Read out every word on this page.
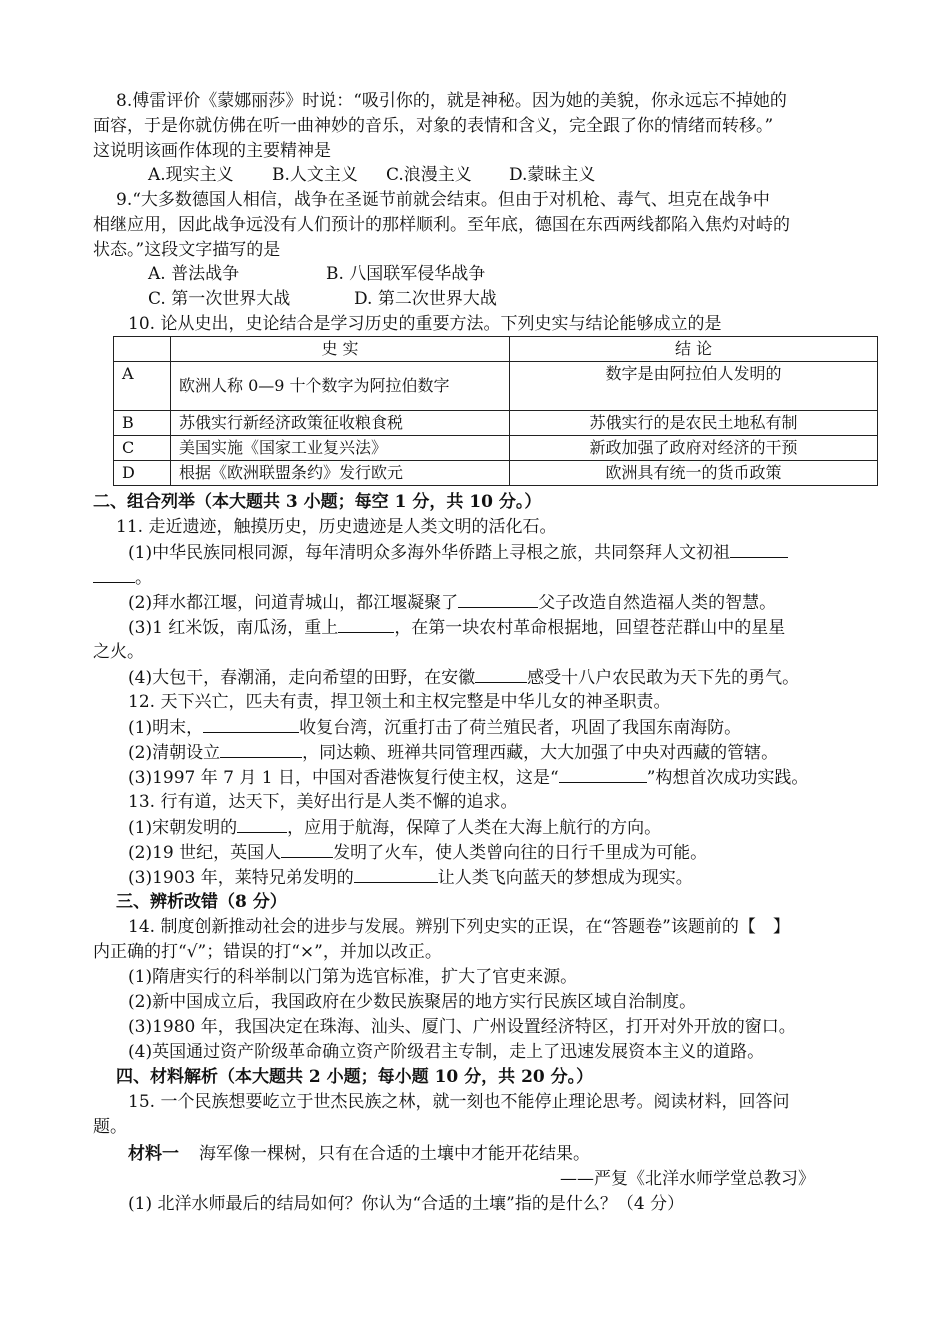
8.傅雷评价《蒙娜丽莎》时说：“吸引你的，就是神秘。因为她的美貌，你永远忘不掉她的
面容，于是你就仿佛在听一曲神妙的音乐，对象的表情和含义，完全跟了你的情绪而转移。”
这说明该画作体现的主要精神是
A.现实主义 B.人文主义 C.浪漫主义 D.蒙昧主义
9.“大多数德国人相信，战争在圣诞节前就会结束。但由于对机枪、毒气、坦克在战争中
相继应用，因此战争远没有人们预计的那样顺利。至年底，德国在东西两线都陷入焦灼对峙的
状态。”这段文字描写的是
A. 普法战争	B. 八国联军侵华战争
C. 第一次世界大战	D. 第二次世界大战
10. 论从史出，史论结合是学习历史的重要方法。下列史实与结论能够成立的是
	史 实	结 论
A	欧洲人称 0—9 十个数字为阿拉伯数字	数字是由阿拉伯人发明的
B	苏俄实行新经济政策征收粮食税	苏俄实行的是农民土地私有制
C	美国实施《国家工业复兴法》	新政加强了政府对经济的干预
D	根据《欧洲联盟条约》发行欧元	欧洲具有统一的货币政策
二、组合列举（本大题共 3 小题；每空 1 分，共 10 分。）
11. 走近遗迹，触摸历史，历史遗迹是人类文明的活化石。
(1)中华民族同根同源，每年清明众多海外华侨踏上寻根之旅，共同祭拜人文初祖
。
(2)拜水都江堰，问道青城山，都江堰凝聚了	父子改造自然造福人类的智慧。
(3)1 红米饭，南瓜汤，重上	，在第一块农村革命根据地，回望苍茫群山中的星星
之火。
(4)大包干，春潮涌，走向希望的田野，在安徽	感受十八户农民敢为天下先的勇气。
12. 天下兴亡，匹夫有责，捍卫领土和主权完整是中华儿女的神圣职责。
(1)明末，	收复台湾，沉重打击了荷兰殖民者，巩固了我国东南海防。
(2)清朝设立	，同达赖、班禅共同管理西藏，大大加强了中央对西藏的管辖。
(3)1997 年 7 月 1 日，中国对香港恢复行使主权，这是“	”构想首次成功实践。
13. 行有道，达天下，美好出行是人类不懈的追求。
(1)宋朝发明的	，应用于航海，保障了人类在大海上航行的方向。
(2)19 世纪，英国人	发明了火车，使人类曾向往的日行千里成为可能。
(3)1903 年，莱特兄弟发明的	让人类飞向蓝天的梦想成为现实。
三、辨析改错（8 分）
14. 制度创新推动社会的进步与发展。辨别下列史实的正误，在“答题卷”该题前的【　】
内正确的打“√”；错误的打“×”，并加以改正。
(1)隋唐实行的科举制以门第为选官标准，扩大了官吏来源。
(2)新中国成立后，我国政府在少数民族聚居的地方实行民族区域自治制度。
(3)1980 年，我国决定在珠海、汕头、厦门、广州设置经济特区，打开对外开放的窗口。
(4)英国通过资产阶级革命确立资产阶级君主专制，走上了迅速发展资本主义的道路。
四、材料解析（本大题共 2 小题；每小题 10 分，共 20 分。）
15. 一个民族想要屹立于世杰民族之林，就一刻也不能停止理论思考。阅读材料，回答问
题。
材料一 海军像一棵树，只有在合适的土壤中才能开花结果。
——严复《北洋水师学堂总教习》
(1) 北洋水师最后的结局如何？你认为“合适的土壤”指的是什么？（4 分）
